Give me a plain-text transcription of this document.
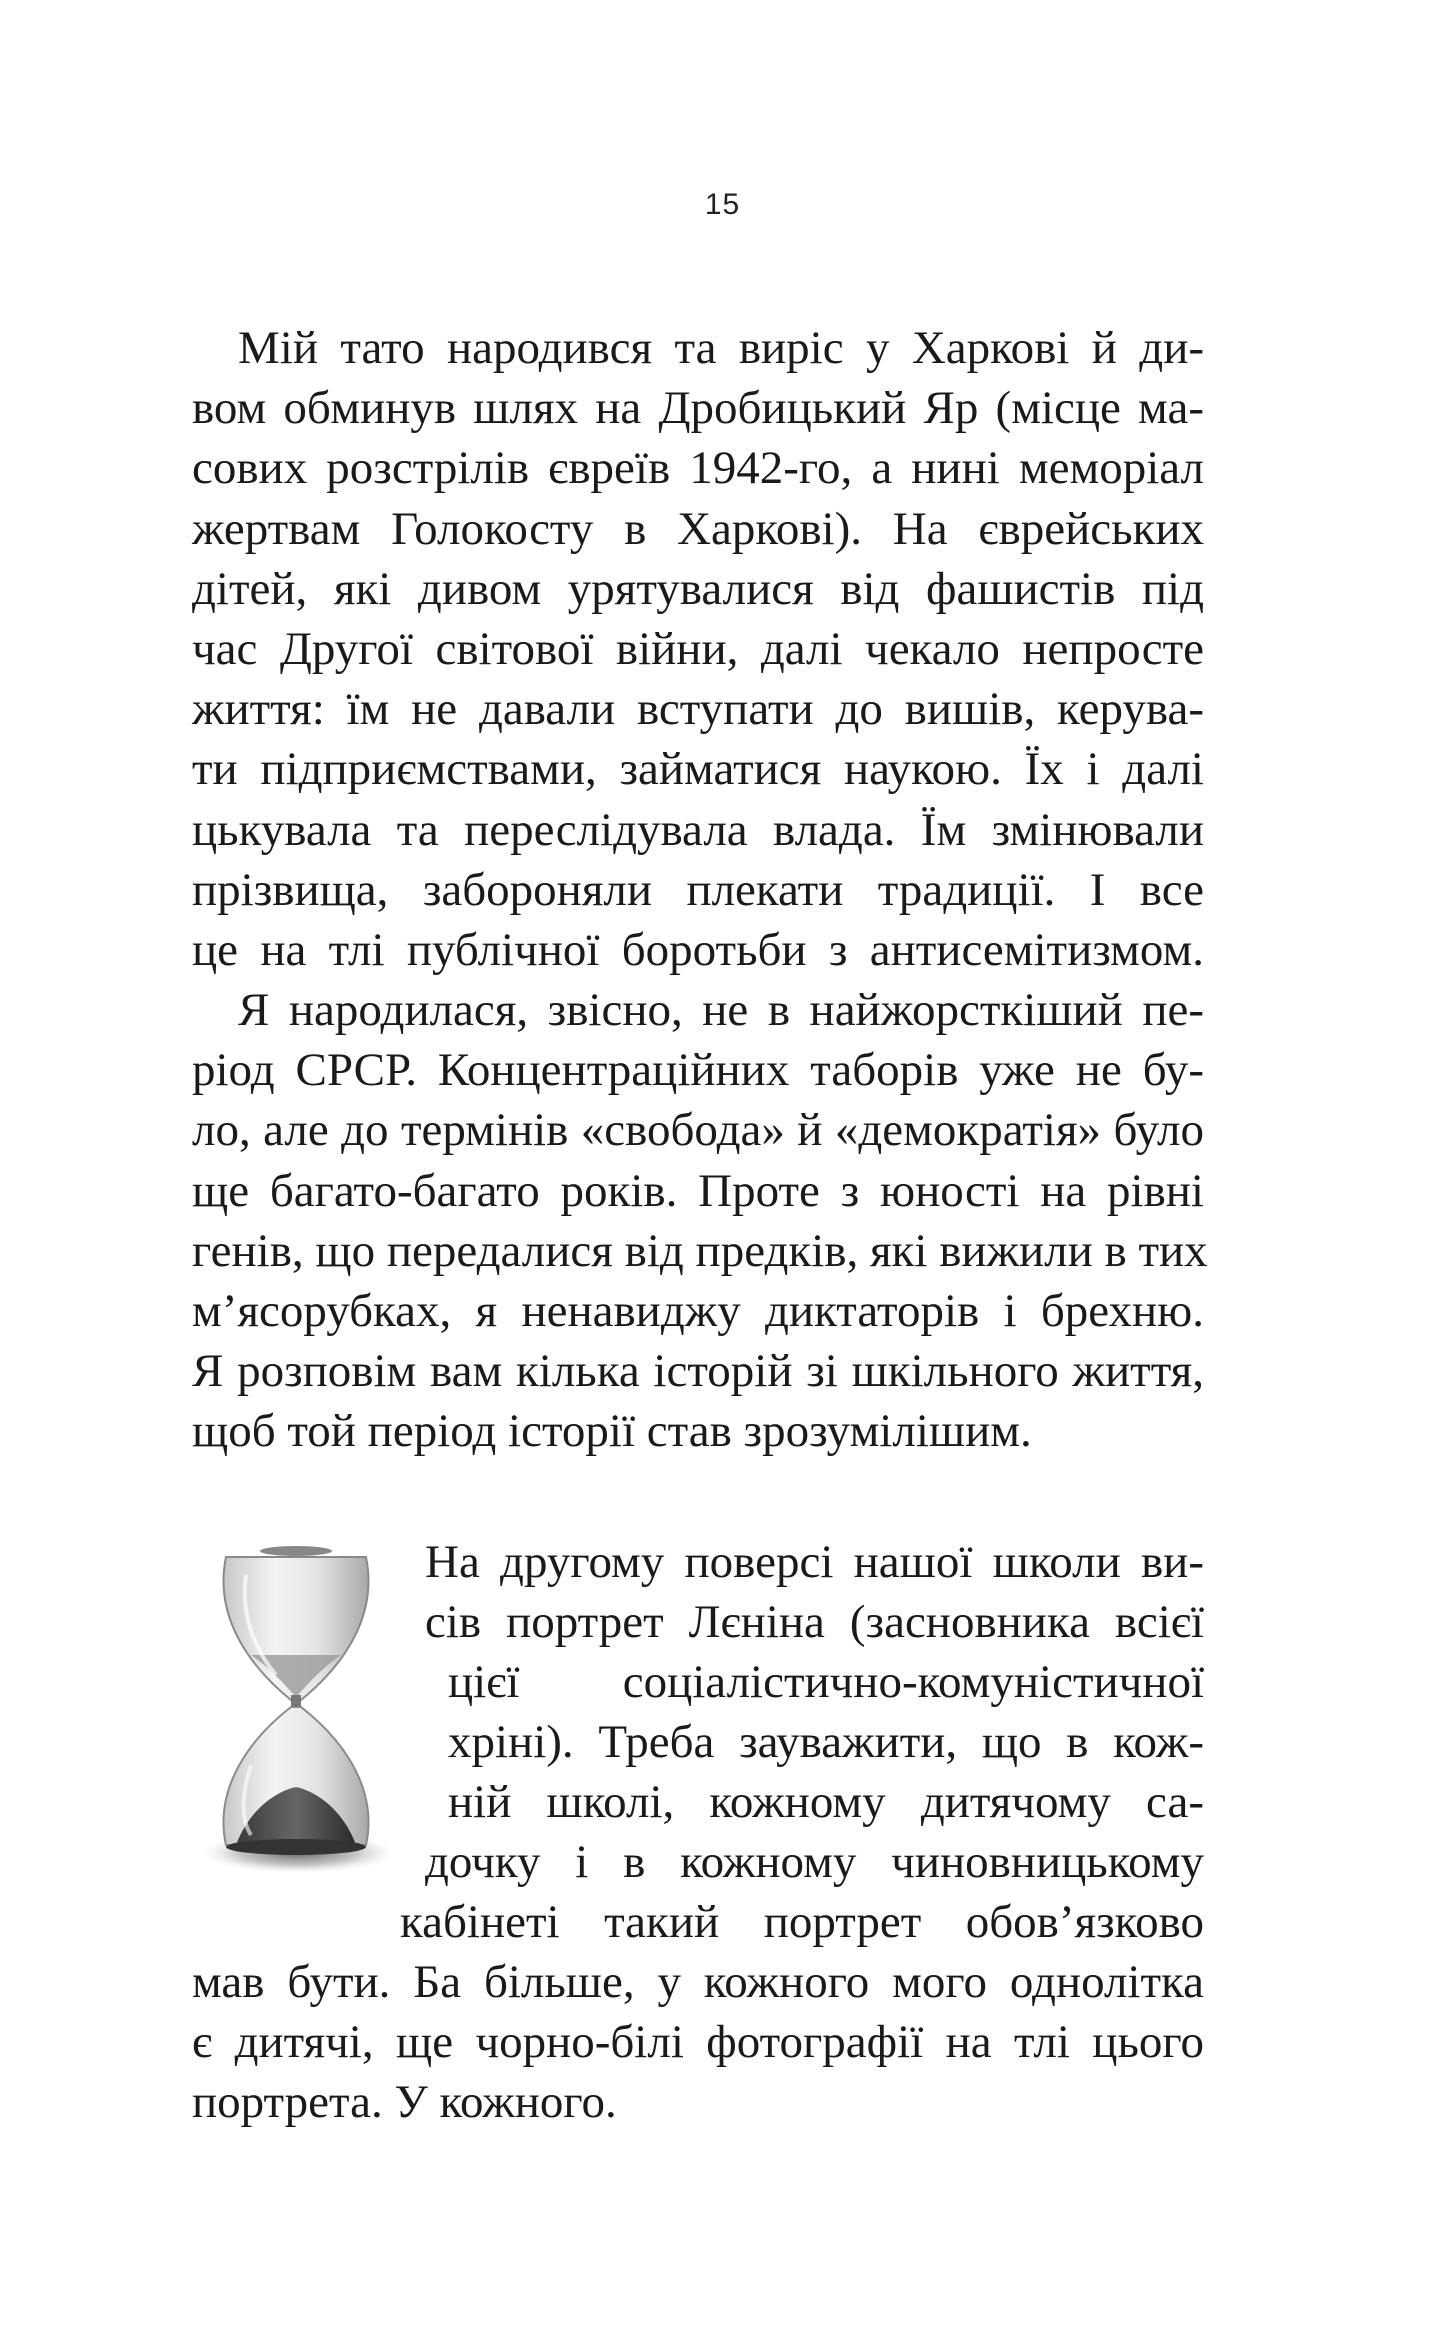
15
Мій тато народився та виріс у Харкові й ди-
вом обминув шлях на Дробицький Яр (місце ма-
сових розстрілів євреїв 1942-го, а нині меморіал
жертвам Голокосту в Харкові). На єврейських
дітей, які дивом урятувалися від фашистів під
час Другої світової війни, далі чекало непросте
життя: їм не давали вступати до вишів, керува-
ти підприємствами, займатися наукою. Їх і далі
цькувала та переслідувала влада. Їм змінювали
прізвища, забороняли плекати традиції. І все
це на тлі публічної боротьби з антисемітизмом.
Я народилася, звісно, не в найжорсткіший пе-
ріод СРСР. Концентраційних таборів уже не бу-
ло, але до термінів «свобода» й «демократія» було
ще багато-багато років. Проте з юності на рівні
генів, що передалися від предків, які вижили в тих
м’ясорубках, я ненавиджу диктаторів і брехню.
Я розповім вам кілька історій зі шкільного життя,
щоб той період історії став зрозумілішим.
На другому поверсі нашої школи ви-
сів портрет Лєніна (засновника всієї
цієї соціалістично-комуністичної
хріні). Треба зауважити, що в кож-
ній школі, кожному дитячому са-
дочку і в кожному чиновницькому
кабінеті такий портрет обов’язково
мав бути. Ба більше, у кожного мого однолітка
є дитячі, ще чорно-білі фотографії на тлі цього
портрета. У кожного.
